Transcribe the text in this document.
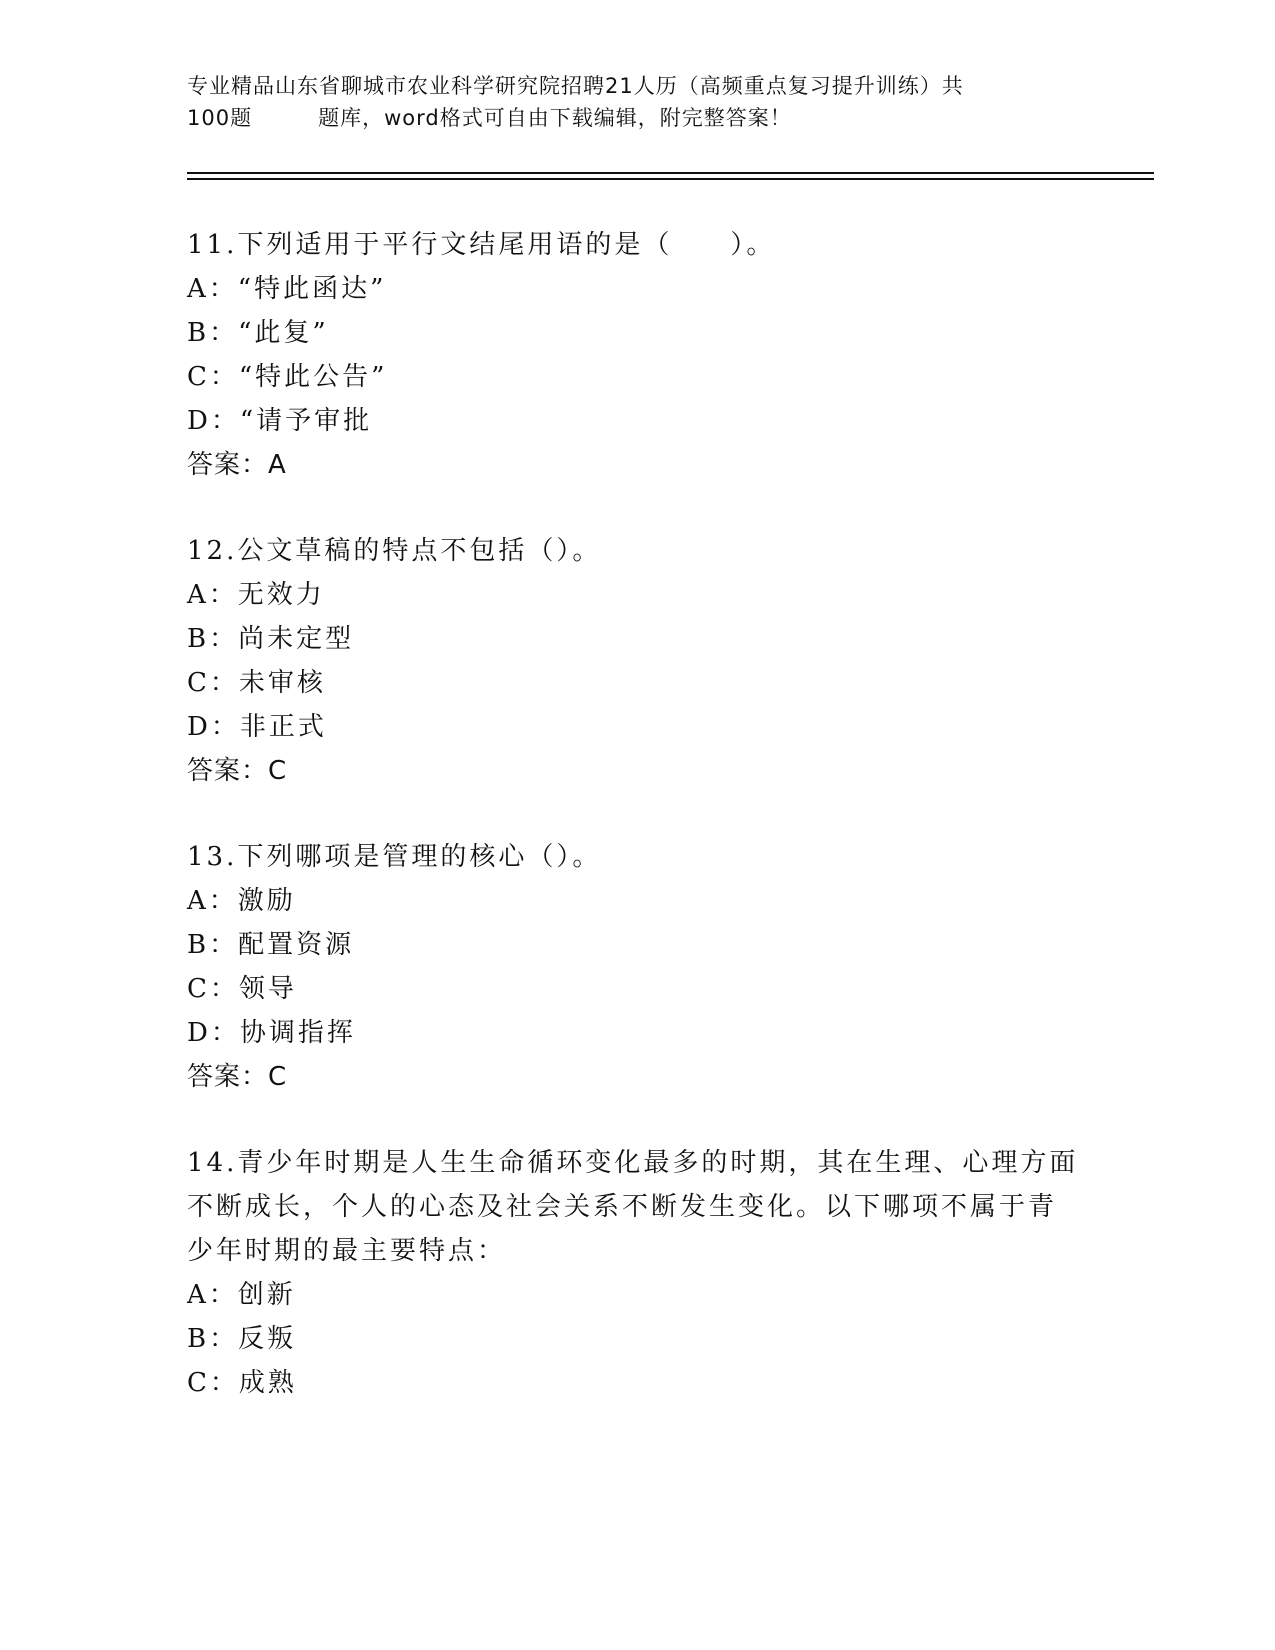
专业精品山东省聊城市农业科学研究院招聘21人历（高频重点复习提升训练）共
100题　　　题库，word格式可自由下载编辑，附完整答案！
11.下列适用于平行文结尾用语的是（　　）。
A：“特此函达”
B：“此复”
C：“特此公告”
D：“请予审批
答案：A
12.公文草稿的特点不包括（）。
A：无效力
B：尚未定型
C：未审核
D：非正式
答案：C
13.下列哪项是管理的核心（）。
A：激励
B：配置资源
C：领导
D：协调指挥
答案：C
14.青少年时期是人生生命循环变化最多的时期，其在生理、心理方面
不断成长，个人的心态及社会关系不断发生变化。以下哪项不属于青
少年时期的最主要特点：
A：创新
B：反叛
C：成熟
